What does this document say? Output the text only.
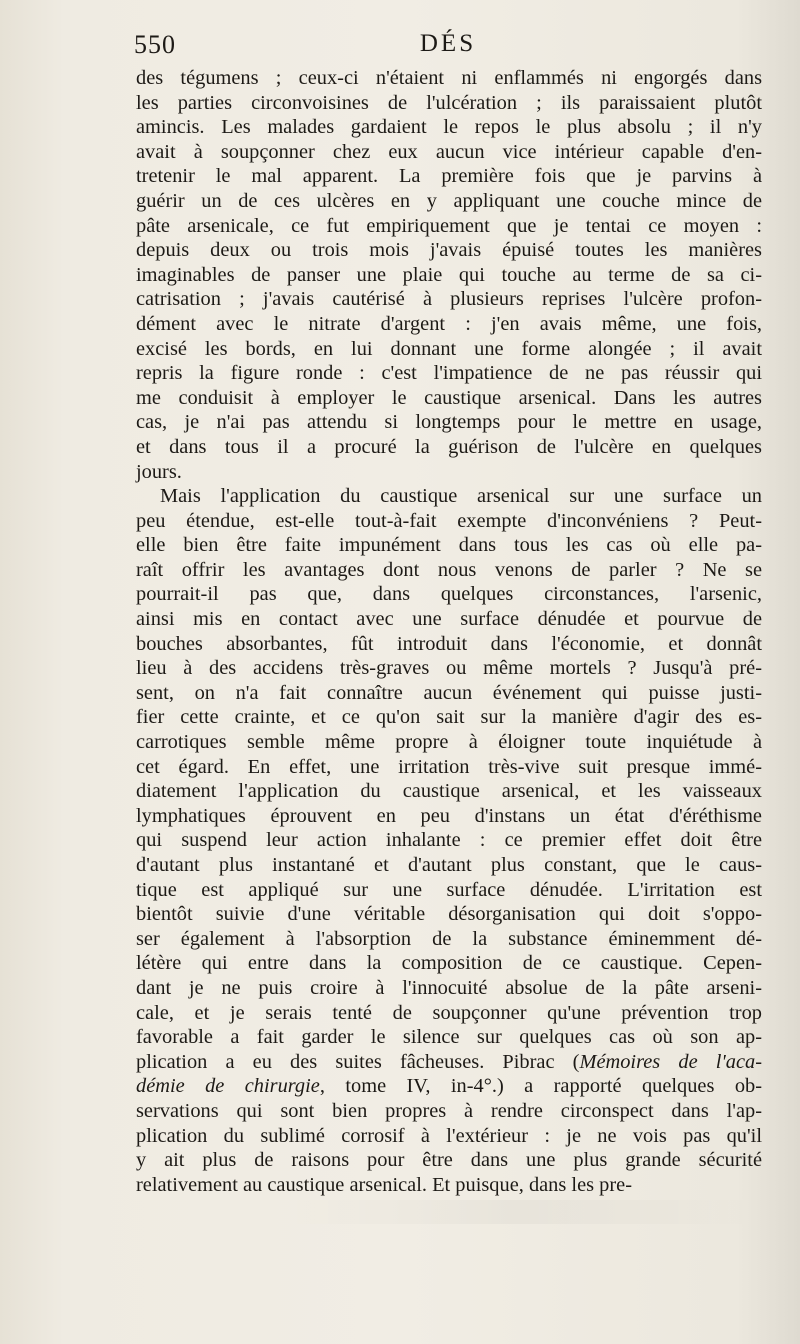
550	DÉS
des tégumens ; ceux-ci n'étaient ni enflammés ni engorgés dans
les parties circonvoisines de l'ulcération ; ils paraissaient plutôt
amincis. Les malades gardaient le repos le plus absolu ; il n'y
avait à soupçonner chez eux aucun vice intérieur capable d'en-
tretenir le mal apparent. La première fois que je parvins à
guérir un de ces ulcères en y appliquant une couche mince de
pâte arsenicale, ce fut empiriquement que je tentai ce moyen :
depuis deux ou trois mois j'avais épuisé toutes les manières
imaginables de panser une plaie qui touche au terme de sa ci-
catrisation ; j'avais cautérisé à plusieurs reprises l'ulcère profon-
dément avec le nitrate d'argent : j'en avais même, une fois,
excisé les bords, en lui donnant une forme alongée ; il avait
repris la figure ronde : c'est l'impatience de ne pas réussir qui
me conduisit à employer le caustique arsenical. Dans les autres
cas, je n'ai pas attendu si longtemps pour le mettre en usage,
et dans tous il a procuré la guérison de l'ulcère en quelques
jours.
Mais l'application du caustique arsenical sur une surface un
peu étendue, est-elle tout-à-fait exempte d'inconvéniens ? Peut-
elle bien être faite impunément dans tous les cas où elle pa-
raît offrir les avantages dont nous venons de parler ? Ne se
pourrait-il pas que, dans quelques circonstances, l'arsenic,
ainsi mis en contact avec une surface dénudée et pourvue de
bouches absorbantes, fût introduit dans l'économie, et donnât
lieu à des accidens très-graves ou même mortels ? Jusqu'à pré-
sent, on n'a fait connaître aucun événement qui puisse justi-
fier cette crainte, et ce qu'on sait sur la manière d'agir des es-
carrotiques semble même propre à éloigner toute inquiétude à
cet égard. En effet, une irritation très-vive suit presque immé-
diatement l'application du caustique arsenical, et les vaisseaux
lymphatiques éprouvent en peu d'instans un état d'éréthisme
qui suspend leur action inhalante : ce premier effet doit être
d'autant plus instantané et d'autant plus constant, que le caus-
tique est appliqué sur une surface dénudée. L'irritation est
bientôt suivie d'une véritable désorganisation qui doit s'oppo-
ser également à l'absorption de la substance éminemment dé-
létère qui entre dans la composition de ce caustique. Cepen-
dant je ne puis croire à l'innocuité absolue de la pâte arseni-
cale, et je serais tenté de soupçonner qu'une prévention trop
favorable a fait garder le silence sur quelques cas où son ap-
plication a eu des suites fâcheuses. Pibrac (Mémoires de l'aca-
démie de chirurgie, tome IV, in-4°.) a rapporté quelques ob-
servations qui sont bien propres à rendre circonspect dans l'ap-
plication du sublimé corrosif à l'extérieur : je ne vois pas qu'il
y ait plus de raisons pour être dans une plus grande sécurité
relativement au caustique arsenical. Et puisque, dans les pre-
